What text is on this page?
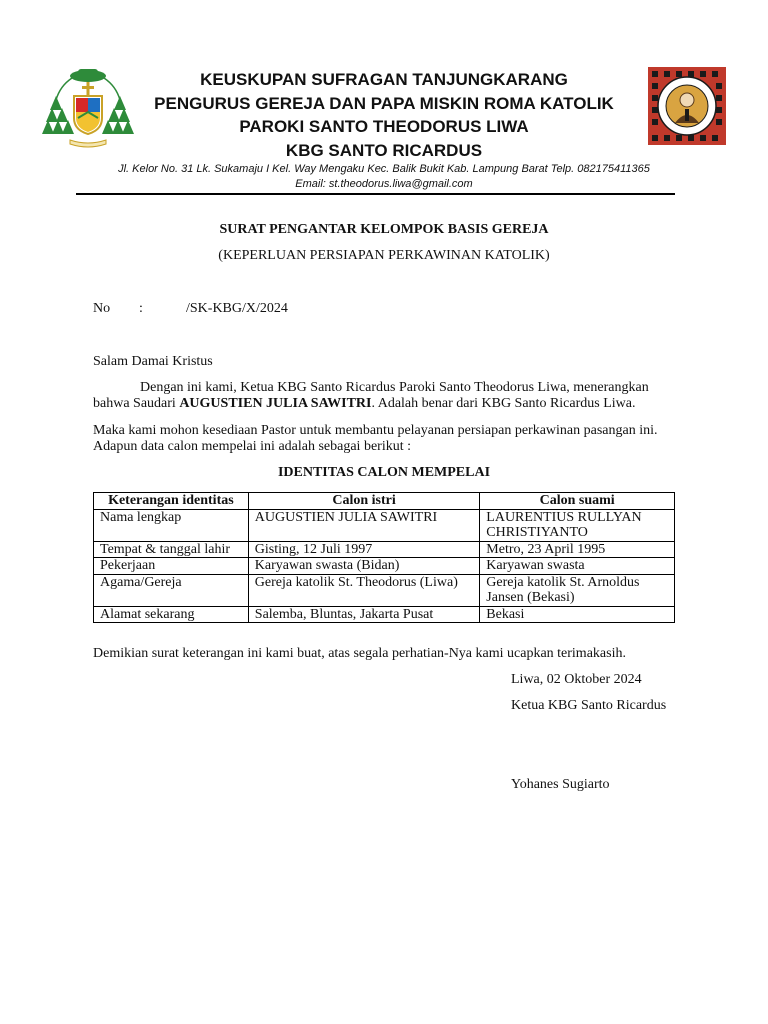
KEUSKUPAN SUFRAGAN TANJUNGKARANG
PENGURUS GEREJA DAN PAPA MISKIN ROMA KATOLIK
PAROKI SANTO THEODORUS LIWA
KBG SANTO RICARDUS
Jl. Kelor No. 31 Lk. Sukamaju I Kel. Way Mengaku Kec. Balik Bukit Kab. Lampung Barat Telp. 082175411365
Email: st.theodorus.liwa@gmail.com
SURAT PENGANTAR KELOMPOK BASIS GEREJA
(KEPERLUAN PERSIAPAN PERKAWINAN KATOLIK)
No :	/SK-KBG/X/2024
Salam Damai Kristus
Dengan ini kami, Ketua KBG Santo Ricardus Paroki Santo Theodorus Liwa, menerangkan
bahwa Saudari AUGUSTIEN JULIA SAWITRI. Adalah benar dari KBG Santo Ricardus Liwa.
Maka kami mohon kesediaan Pastor untuk membantu pelayanan persiapan perkawinan pasangan ini.
Adapun data calon mempelai ini adalah sebagai berikut :
IDENTITAS CALON MEMPELAI
Keterangan identitas	Calon istri	Calon suami
Nama lengkap	AUGUSTIEN JULIA SAWITRI	LAURENTIUS RULLYAN CHRISTIYANTO
Tempat & tanggal lahir	Gisting, 12 Juli 1997	Metro, 23 April 1995
Pekerjaan	Karyawan swasta (Bidan)	Karyawan swasta
Agama/Gereja	Gereja katolik St. Theodorus (Liwa)	Gereja katolik St. Arnoldus Jansen (Bekasi)
Alamat sekarang	Salemba, Bluntas, Jakarta Pusat	Bekasi
Demikian surat keterangan ini kami buat, atas segala perhatian-Nya kami ucapkan terimakasih.
Liwa, 02 Oktober 2024
Ketua KBG Santo Ricardus
Yohanes Sugiarto
